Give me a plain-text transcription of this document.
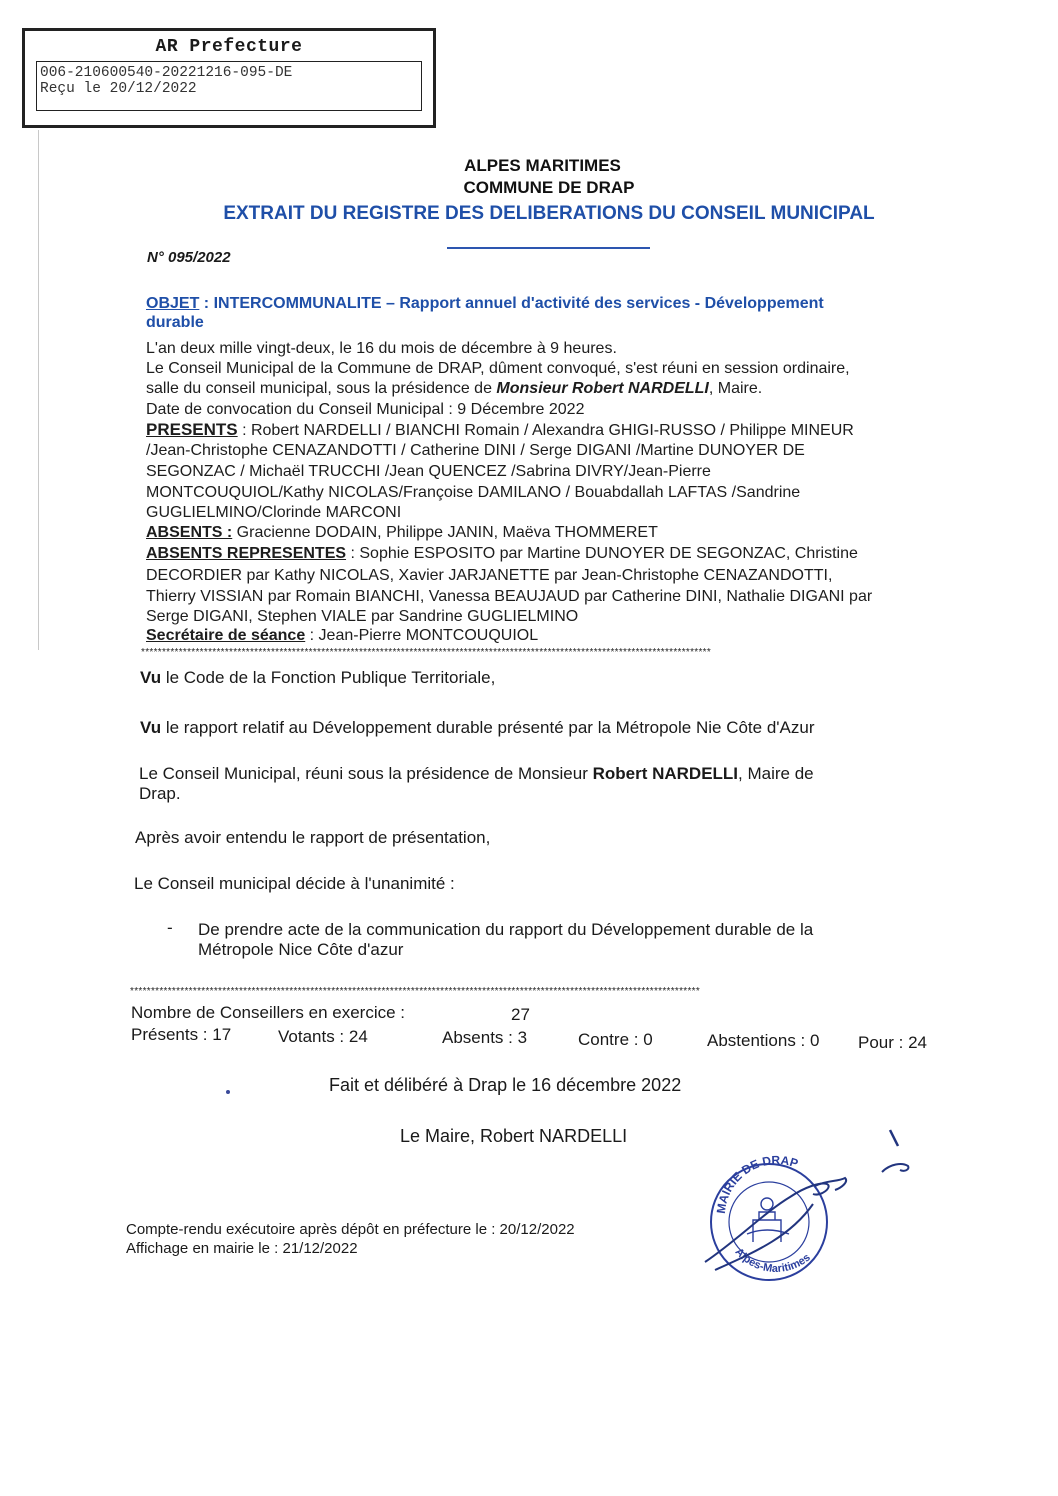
AR Prefecture
006-210600540-20221216-095-DE
Reçu le 20/12/2022
ALPES MARITIMES
COMMUNE DE DRAP
EXTRAIT DU REGISTRE DES DELIBERATIONS DU CONSEIL MUNICIPAL
N° 095/2022
OBJET : INTERCOMMUNALITE – Rapport annuel d'activité des services - Développement
durable
L'an deux mille vingt-deux, le 16 du mois de décembre à 9 heures.
Le Conseil Municipal de la Commune de DRAP, dûment convoqué, s'est réuni en session ordinaire,
salle du conseil municipal, sous la présidence de Monsieur Robert NARDELLI, Maire.
Date de convocation du Conseil Municipal : 9 Décembre 2022
PRESENTS : Robert NARDELLI / BIANCHI Romain / Alexandra GHIGI-RUSSO / Philippe MINEUR
/Jean-Christophe CENAZANDOTTI / Catherine DINI / Serge DIGANI /Martine DUNOYER DE
SEGONZAC / Michaël TRUCCHI /Jean QUENCEZ /Sabrina DIVRY/Jean-Pierre
MONTCOUQUIOL/Kathy NICOLAS/Françoise DAMILANO / Bouabdallah LAFTAS /Sandrine
GUGLIELMINO/Clorinde MARCONI
ABSENTS : Gracienne DODAIN, Philippe JANIN, Maëva THOMMERET
ABSENTS REPRESENTES : Sophie ESPOSITO par Martine DUNOYER DE SEGONZAC, Christine
DECORDIER par Kathy NICOLAS, Xavier JARJANETTE par Jean-Christophe CENAZANDOTTI,
Thierry VISSIAN par Romain BIANCHI, Vanessa BEAUJAUD par Catherine DINI, Nathalie DIGANI par
Serge DIGANI, Stephen VIALE par Sandrine GUGLIELMINO
Secrétaire de séance : Jean-Pierre MONTCOUQUIOL
****************************************************************************************************************************************
Vu le Code de la Fonction Publique Territoriale,
Vu le rapport relatif au Développement durable présenté par la Métropole Nie Côte d'Azur
Le Conseil Municipal, réuni sous la présidence de Monsieur Robert NARDELLI, Maire de
Drap.
Après avoir entendu le rapport de présentation,
Le Conseil municipal décide à l'unanimité :
- De prendre acte de la communication du rapport du Développement durable de la
Métropole Nice Côte d'azur
****************************************************************************************************************************************
Nombre de Conseillers en exercice :	27
Présents : 17	Votants : 24	Absents : 3	Contre : 0	Abstentions : 0 Pour : 24
Fait et délibéré à Drap le 16 décembre 2022
Le Maire, Robert NARDELLI
Compte-rendu exécutoire après dépôt en préfecture le : 20/12/2022
Affichage en mairie le : 21/12/2022
MAIRIE DE DRAP
Alpes-Maritimes
